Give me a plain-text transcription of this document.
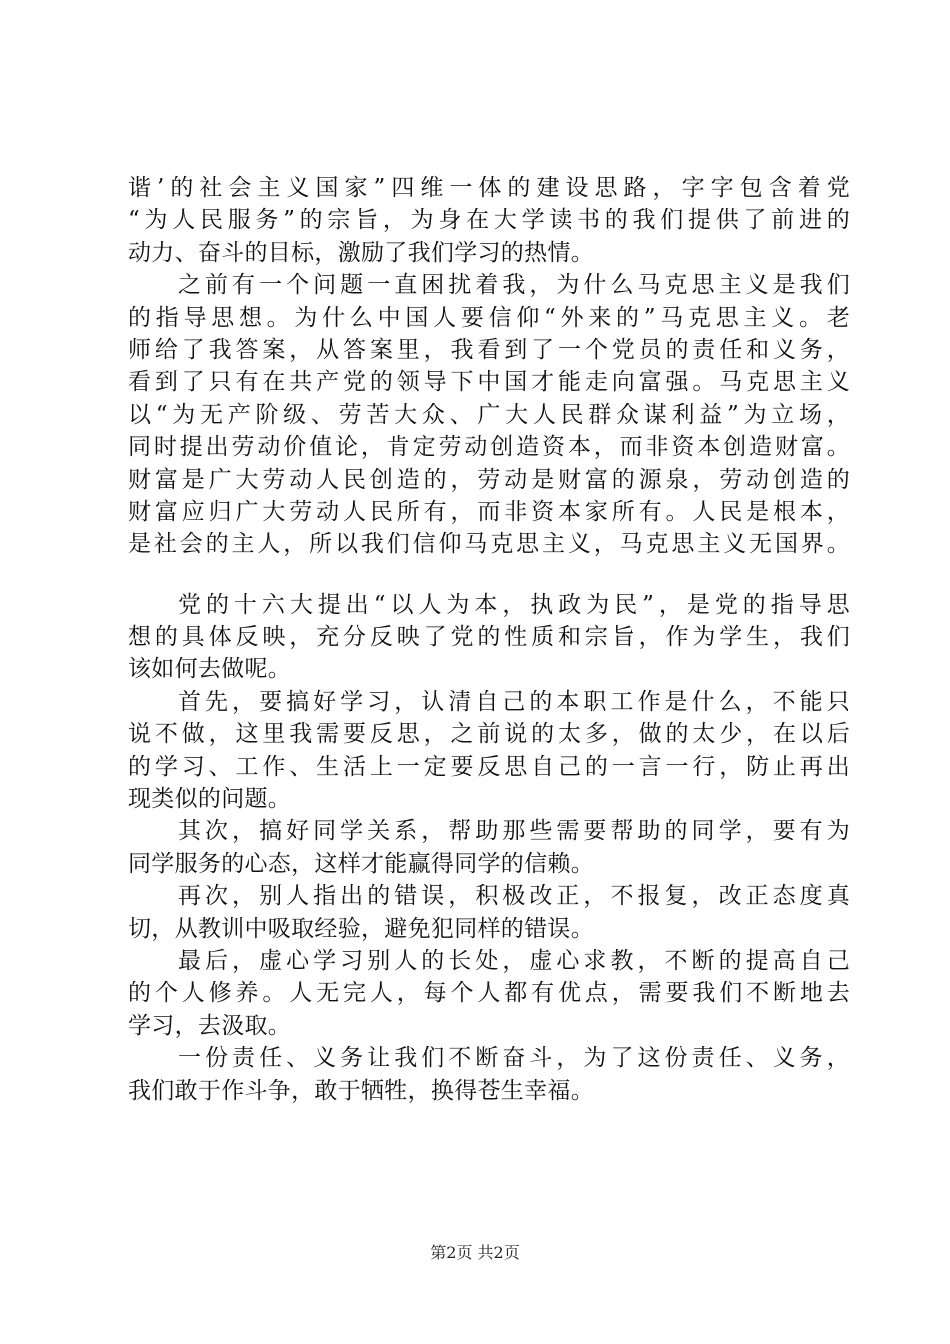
谐’的社会主义国家”四维一体的建设思路，字字包含着党
“为人民服务”的宗旨，为身在大学读书的我们提供了前进的
动力、奋斗的目标，激励了我们学习的热情。
之前有一个问题一直困扰着我，为什么马克思主义是我们
的指导思想。为什么中国人要信仰“外来的”马克思主义。老
师给了我答案，从答案里，我看到了一个党员的责任和义务，
看到了只有在共产党的领导下中国才能走向富强。马克思主义
以“为无产阶级、劳苦大众、广大人民群众谋利益”为立场，
同时提出劳动价值论，肯定劳动创造资本，而非资本创造财富。
财富是广大劳动人民创造的，劳动是财富的源泉，劳动创造的
财富应归广大劳动人民所有，而非资本家所有。人民是根本，
是社会的主人，所以我们信仰马克思主义，马克思主义无国界。
党的十六大提出“以人为本，执政为民”，是党的指导思
想的具体反映，充分反映了党的性质和宗旨，作为学生，我们
该如何去做呢。
首先，要搞好学习，认清自己的本职工作是什么，不能只
说不做，这里我需要反思，之前说的太多，做的太少，在以后
的学习、工作、生活上一定要反思自己的一言一行，防止再出
现类似的问题。
其次，搞好同学关系，帮助那些需要帮助的同学，要有为
同学服务的心态，这样才能赢得同学的信赖。
再次，别人指出的错误，积极改正，不报复，改正态度真
切，从教训中吸取经验，避免犯同样的错误。
最后，虚心学习别人的长处，虚心求教，不断的提高自己
的个人修养。人无完人，每个人都有优点，需要我们不断地去
学习，去汲取。
一份责任、义务让我们不断奋斗，为了这份责任、义务，
我们敢于作斗争，敢于牺牲，换得苍生幸福。
第2页 共2页
